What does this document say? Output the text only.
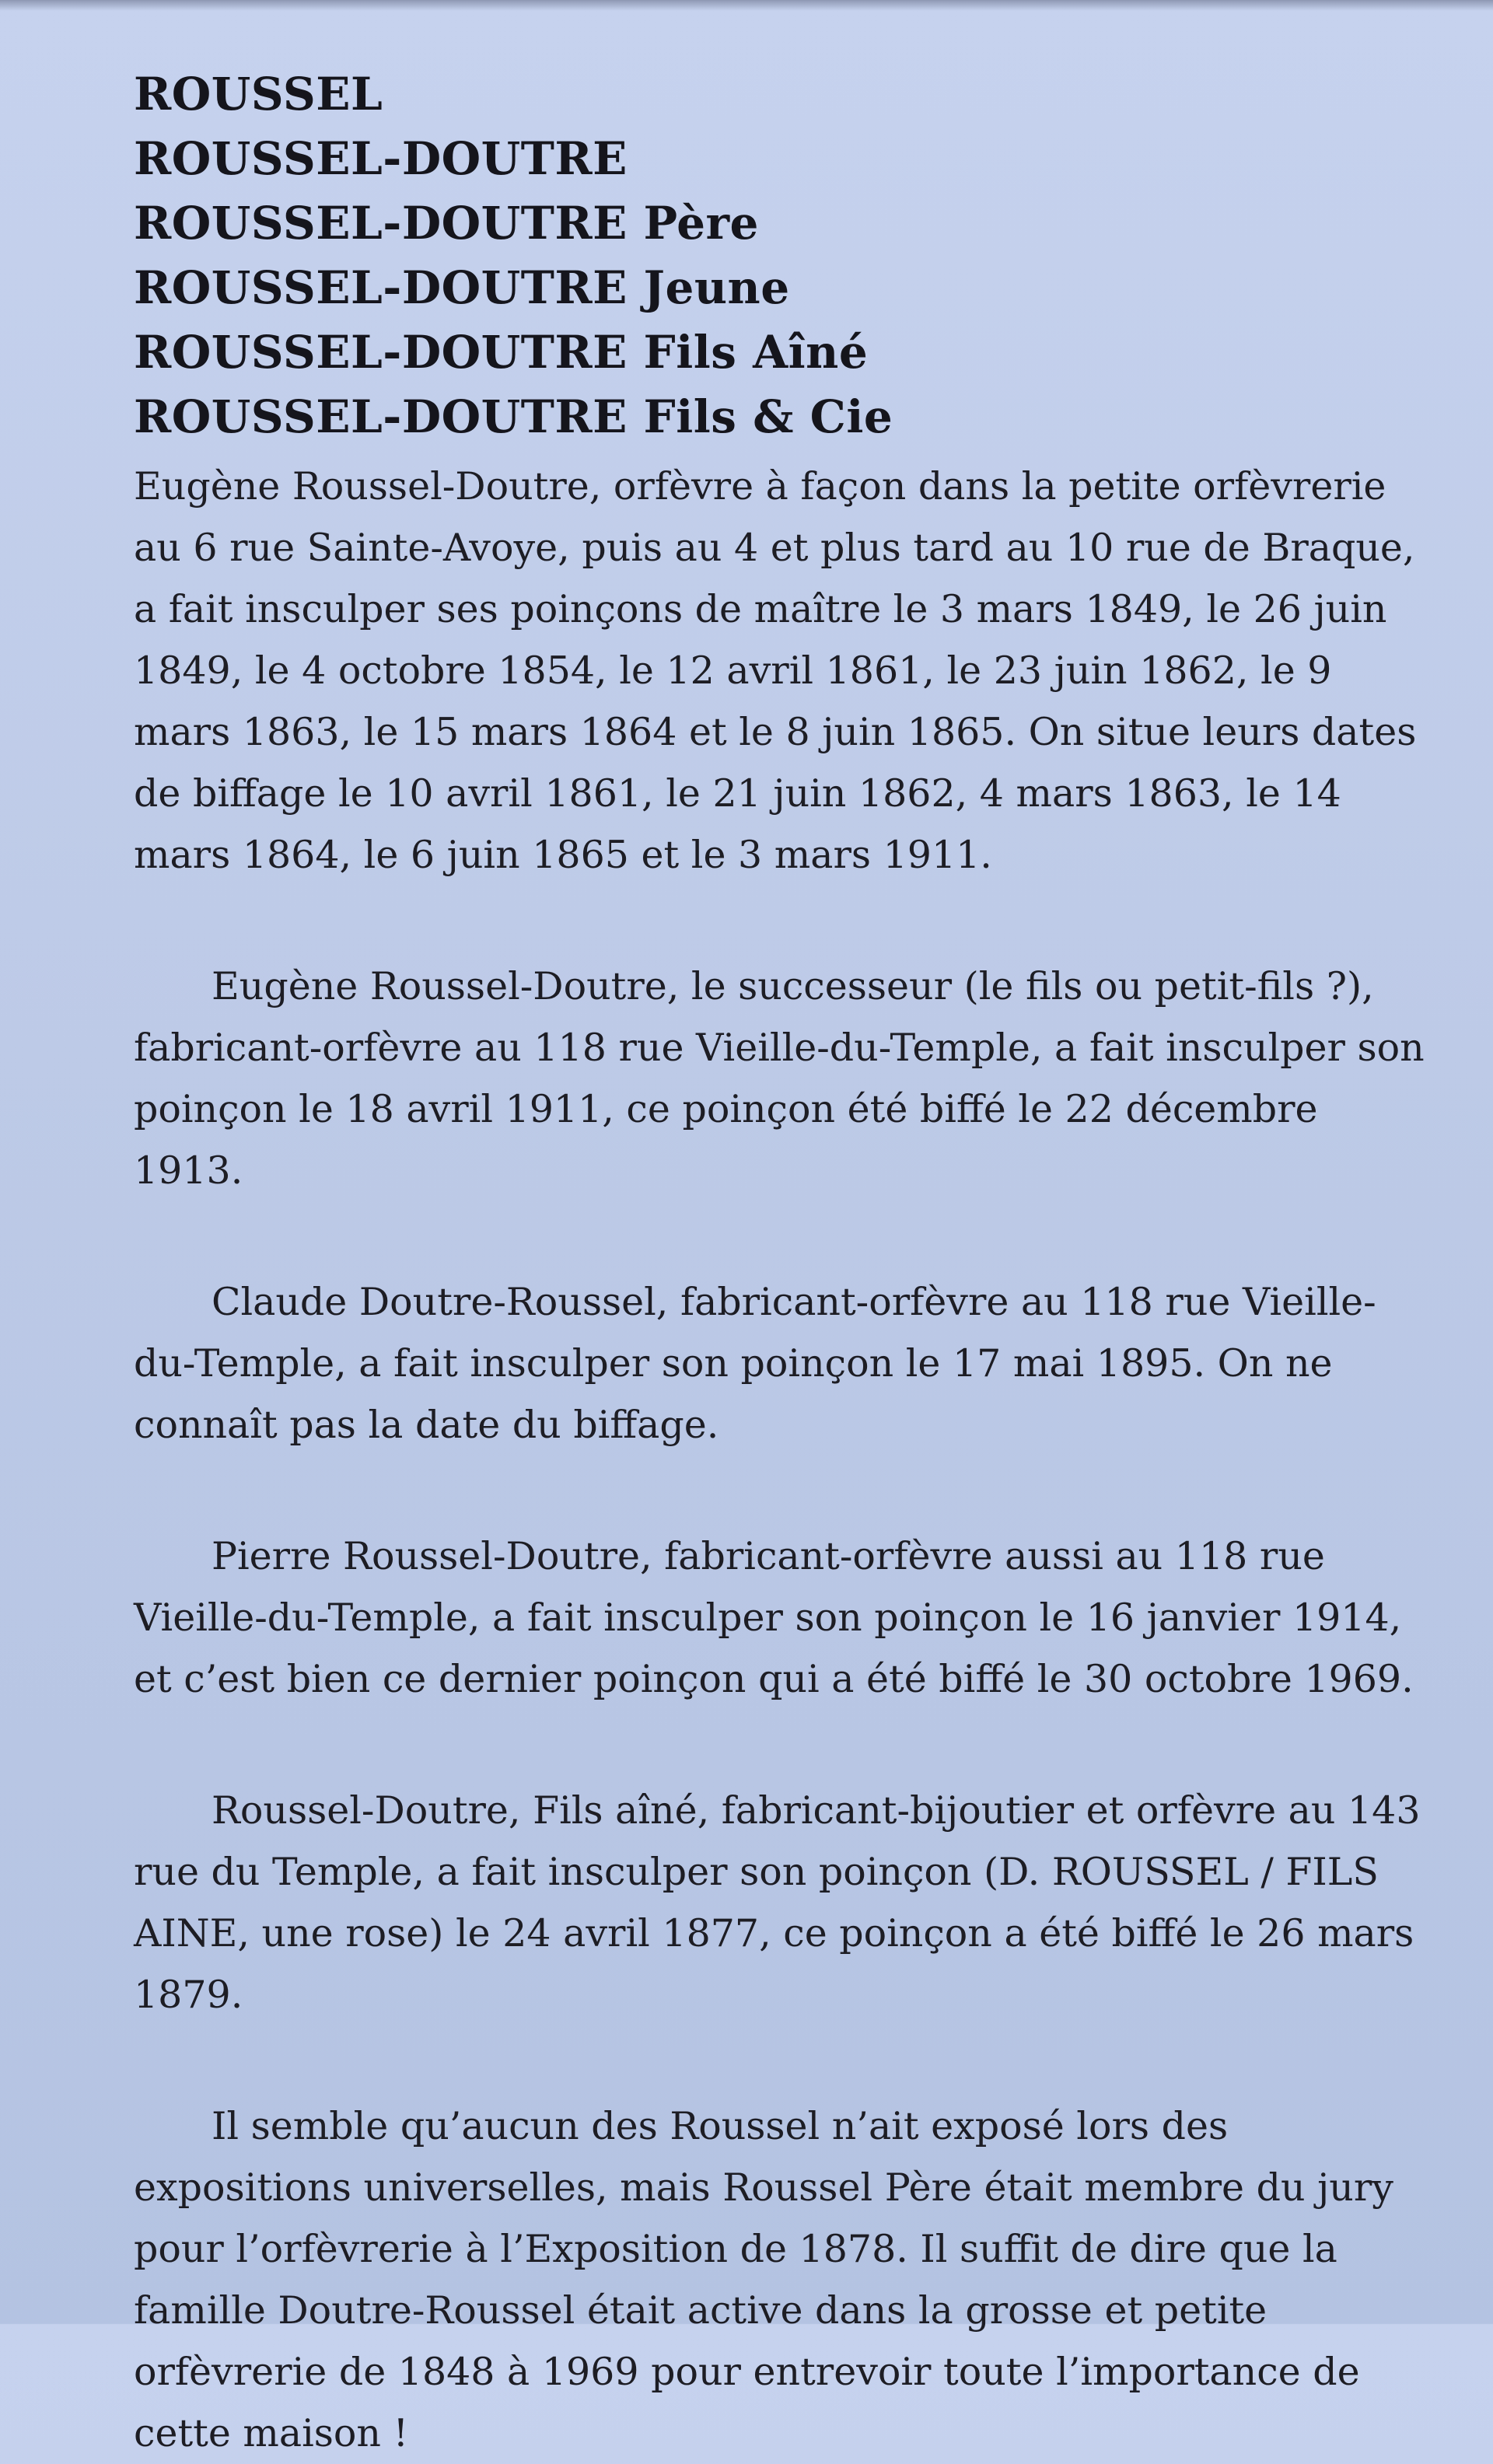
ROUSSEL
ROUSSEL-DOUTRE
ROUSSEL-DOUTRE Père
ROUSSEL-DOUTRE Jeune
ROUSSEL-DOUTRE Fils Aîné
ROUSSEL-DOUTRE Fils & Cie

Eugène Roussel-Doutre, orfèvre à façon dans la petite orfèvrerie au 6 rue Sainte-Avoye, puis au 4 et plus tard au 10 rue de Braque, a fait insculper ses poinçons de maître le 3 mars 1849, le 26 juin 1849, le 4 octobre 1854, le 12 avril 1861, le 23 juin 1862, le 9 mars 1863, le 15 mars 1864 et le 8 juin 1865. On situe leurs dates de biffage le 10 avril 1861, le 21 juin 1862, 4 mars 1863, le 14 mars 1864, le 6 juin 1865 et le 3 mars 1911.

Eugène Roussel-Doutre, le successeur (le fils ou petit-fils ?), fabricant-orfèvre au 118 rue Vieille-du-Temple, a fait insculper son poinçon le 18 avril 1911, ce poinçon été biffé le 22 décembre 1913.

Claude Doutre-Roussel, fabricant-orfèvre au 118 rue Vieille-du-Temple, a fait insculper son poinçon le 17 mai 1895. On ne connaît pas la date du biffage.

Pierre Roussel-Doutre, fabricant-orfèvre aussi au 118 rue Vieille-du-Temple, a fait insculper son poinçon le 16 janvier 1914, et c’est bien ce dernier poinçon qui a été biffé le 30 octobre 1969.

Roussel-Doutre, Fils aîné, fabricant-bijoutier et orfèvre au 143 rue du Temple, a fait insculper son poinçon (D. ROUSSEL / FILS AINE, une rose) le 24 avril 1877, ce poinçon a été biffé le 26 mars 1879.

Il semble qu’aucun des Roussel n’ait exposé lors des expositions universelles, mais Roussel Père était membre du jury pour l’orfèvrerie à l’Exposition de 1878. Il suffit de dire que la famille Doutre-Roussel était active dans la grosse et petite orfèvrerie de 1848 à 1969 pour entrevoir toute l’importance de cette maison !
